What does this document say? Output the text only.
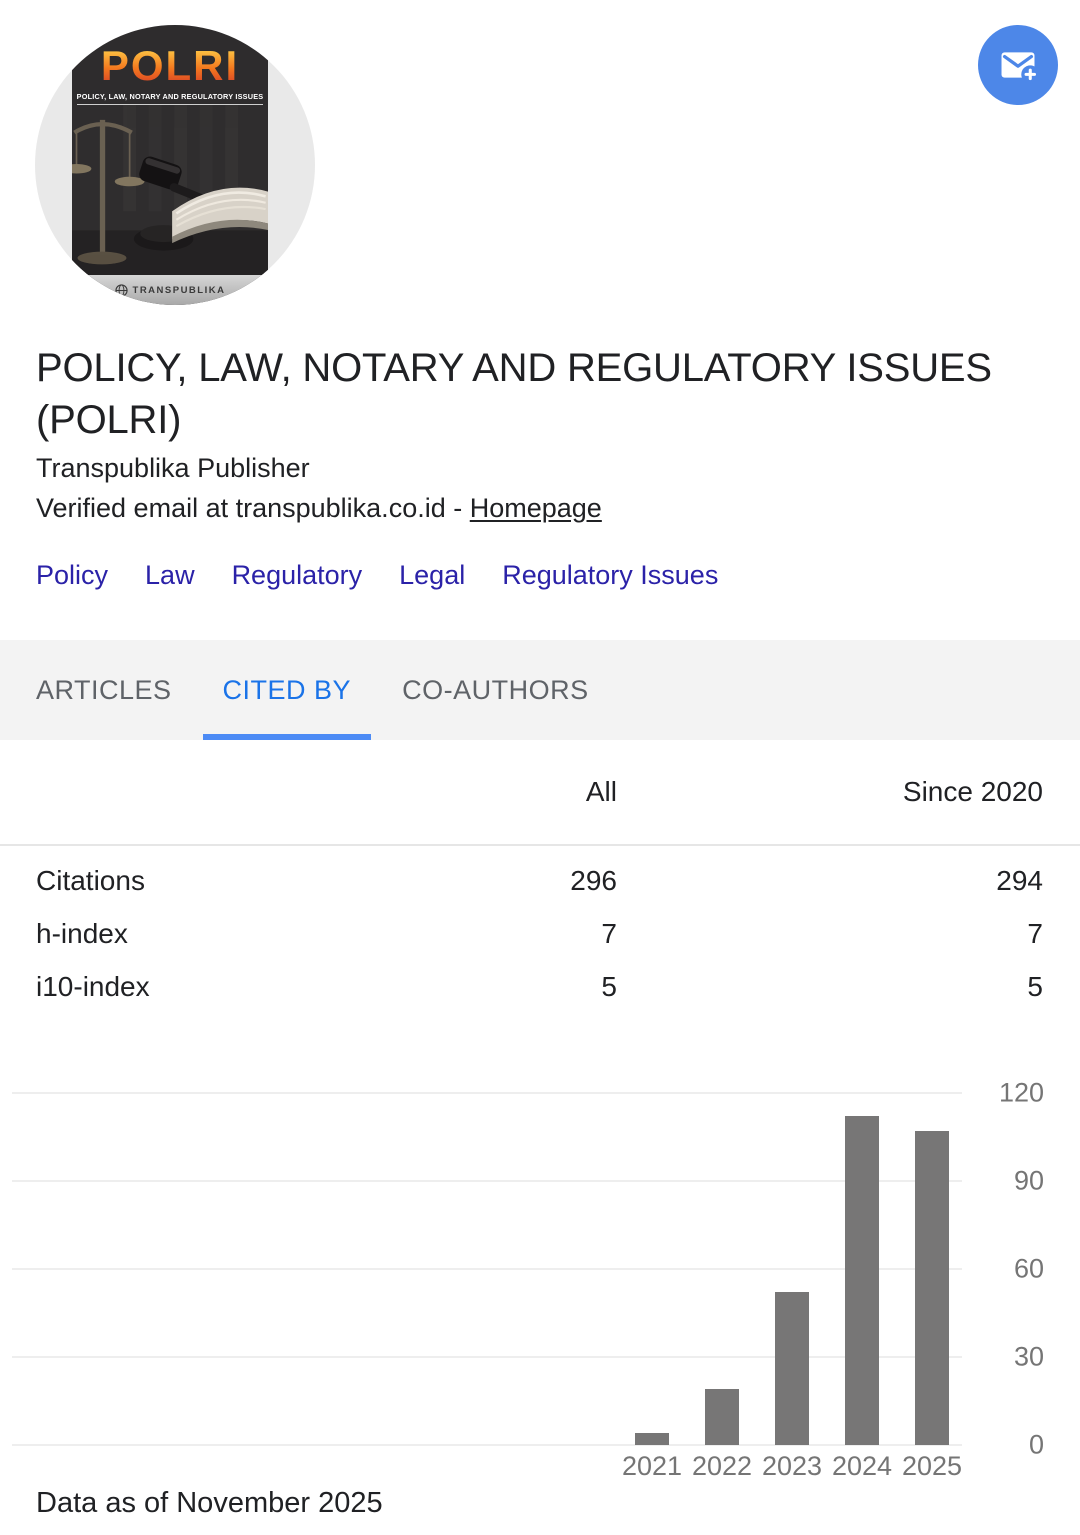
POLRI
POLICY, LAW, NOTARY AND REGULATORY ISSUES
TRANSPUBLIKA
POLICY, LAW, NOTARY AND REGULATORY ISSUES (POLRI)
Transpublika Publisher
Verified email at transpublika.co.id - Homepage
Policy Law Regulatory Legal Regulatory Issues
ARTICLES	CITED BY	CO-AUTHORS
All	Since 2020
Citations	296	294
h-index	7	7
i10-index	5	5
0
30
60
90
120
2021 2022 2023 2024 2025
Data as of November 2025
